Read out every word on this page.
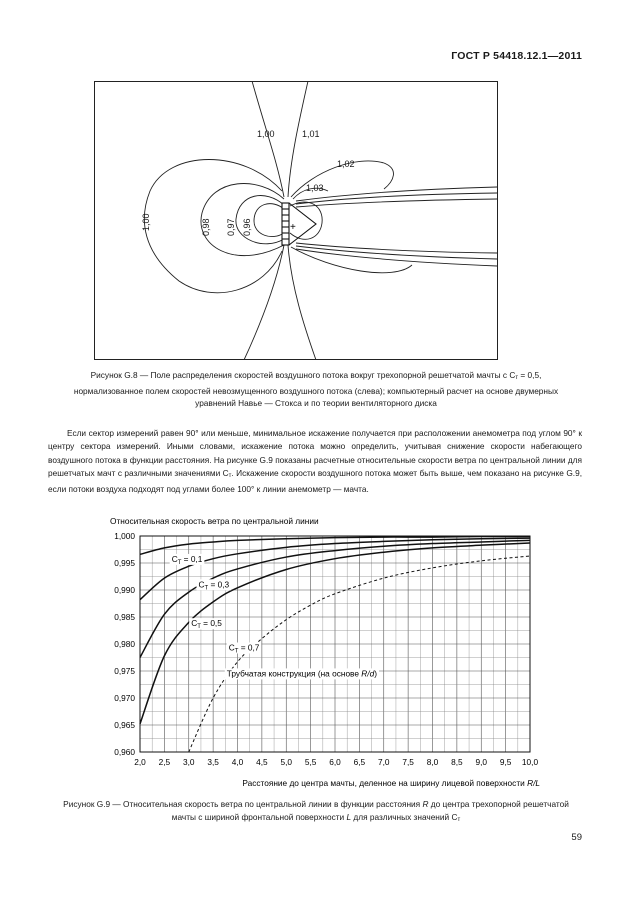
ГОСТ Р 54418.12.1—2011
+
1,00	1,01
1,02
1,03
1,00	0,98 0,97 0,96
Рисунок G.8 — Поле распределения скоростей воздушного потока вокруг трехопорной решетчатой мачты с Cт = 0,5, нормализованное полем скоростей невозмущенного воздушного потока (слева); компьютерный расчет на основе двумерных уравнений Навье — Стокса и по теории вентиляторного диска

Если сектор измерений равен 90° или меньше, минимальное искажение получается при расположении анемометра под углом 90° к центру сектора измерений. Иными словами, искажение потока можно определить, учитывая снижение скорости набегающего воздушного потока в функции расстояния. На рисунке G.9 показаны расчетные относительные скорости ветра по центральной линии для решетчатых мачт с различными значениями Cт. Искажение скорости воздушного потока может быть выше, чем показано на рисунке G.9, если потоки воздуха подходят под углами более 100° к линии анемометр — мачта.

Относительная скорость ветра по центральной линии
0,960
0,965
0,970
0,975
0,980
0,985
0,990
0,995
1,000
2,0 2,5 3,0 3,5 4,0 4,5 5,0 5,5 6,0 6,5 7,0 7,5 8,0 8,5 9,0 9,5 10,0
$C_T = 0,1$
$C_T = 0,3$
$C_T = 0,5$
$C_T = 0,7$
Трубчатая конструкция (на основе R/d)
Расстояние до центра мачты, деленное на ширину лицевой поверхности R/L
Рисунок G.9 — Относительная скорость ветра по центральной линии в функции расстояния R до центра трехопорной решетчатой мачты с шириной фронтальной поверхности L для различных значений Cт
59
